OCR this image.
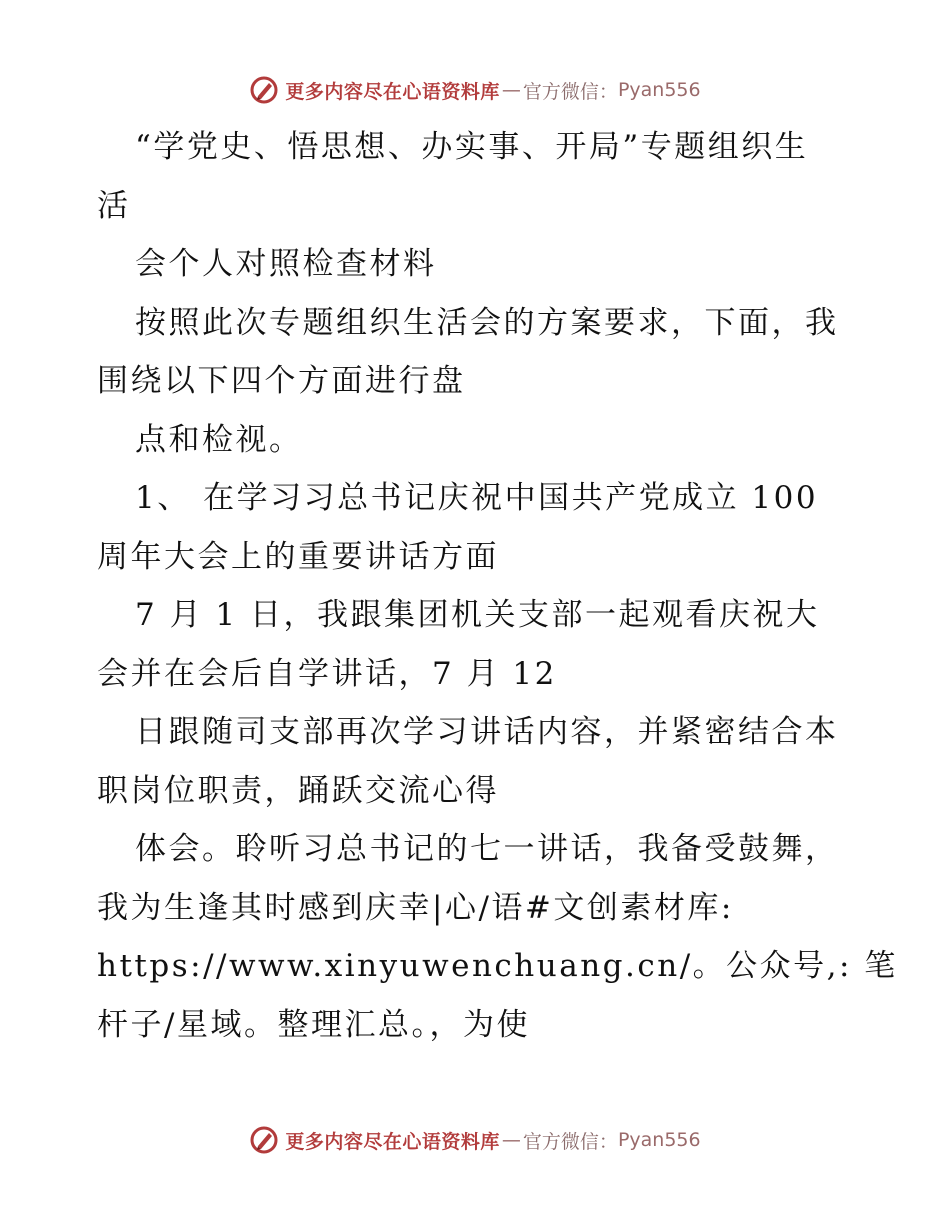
更多内容尽在心语资料库 — 官方微信： Pyan556
“学党史、悟思想、办实事、开局”专题组织生
活
会个人对照检查材料
按照此次专题组织生活会的方案要求，下面，我
围绕以下四个方面进行盘
点和检视。
1、 在学习习总书记庆祝中国共产党成立 100
周年大会上的重要讲话方面
7 月 1 日，我跟集团机关支部一起观看庆祝大
会并在会后自学讲话，7 月 12
日跟随司支部再次学习讲话内容，并紧密结合本
职岗位职责，踊跃交流心得
体会。聆听习总书记的七一讲话，我备受鼓舞，
我为生逢其时感到庆幸|心/语#文创素材库:
https://www.xinyuwenchuang.cn/。公众号,: 笔
杆子/星域。整理汇总。，为使
更多内容尽在心语资料库 — 官方微信： Pyan556
